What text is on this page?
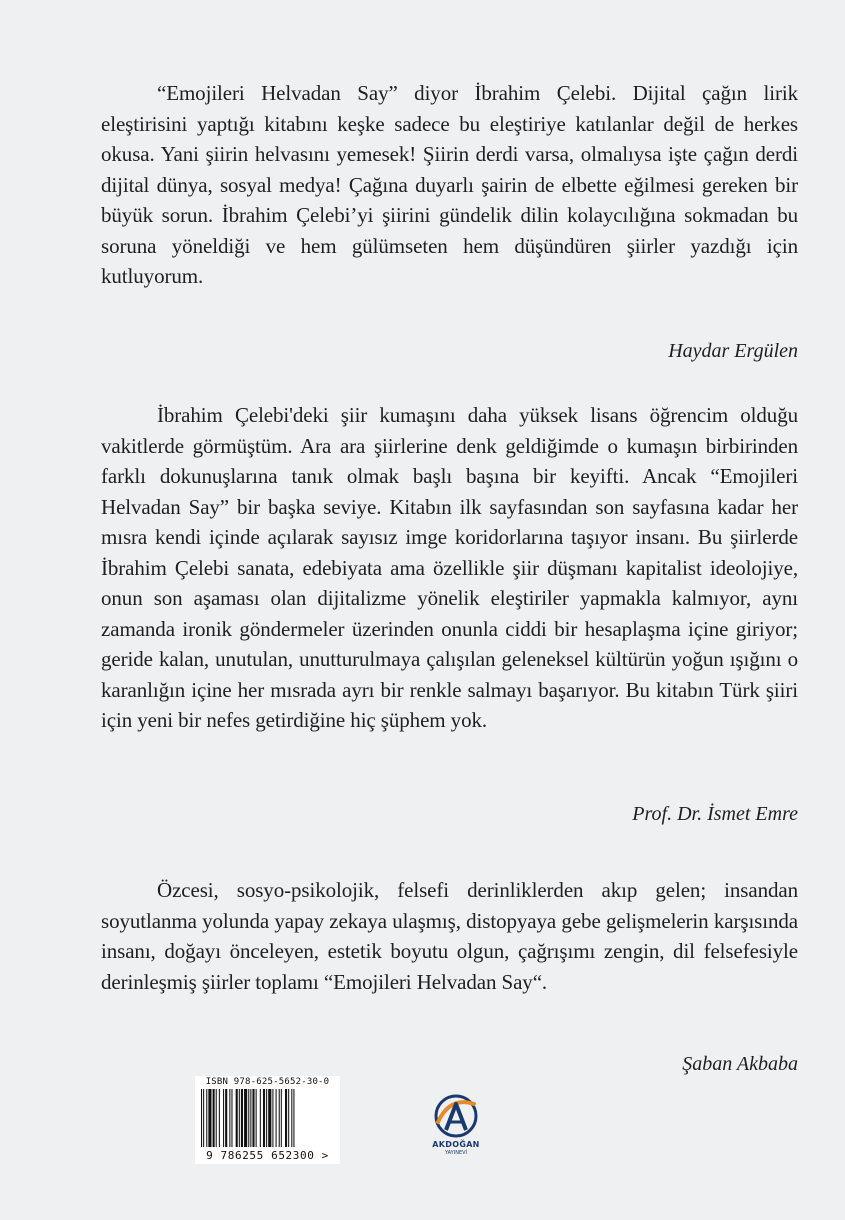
“Emojileri Helvadan Say” diyor İbrahim Çelebi. Dijital çağın lirik eleştirisini yaptığı kitabını keşke sadece bu eleştiriye katılanlar değil de herkes okusa. Yani şiirin helvasını yemesek! Şiirin derdi varsa, olmalıysa işte çağın derdi dijital dünya, sosyal medya! Çağına duyarlı şairin de elbette eğilmesi gereken bir büyük sorun. İbrahim Çelebi’yi şiirini gündelik dilin kolaycılığına sokmadan bu soruna yöneldiği ve hem gülümseten hem düşündüren şiirler yazdığı için kutluyorum.

Haydar Ergülen

İbrahim Çelebi'deki şiir kumaşını daha yüksek lisans öğrencim olduğu vakitlerde görmüştüm. Ara ara şiirlerine denk geldiğimde o kumaşın birbirinden farklı dokunuşlarına tanık olmak başlı başına bir keyifti. Ancak “Emojileri Helvadan Say” bir başka seviye. Kitabın ilk sayfasından son sayfasına kadar her mısra kendi içinde açılarak sayısız imge koridorlarına taşıyor insanı. Bu şiirlerde İbrahim Çelebi sanata, edebiyata ama özellikle şiir düşmanı kapitalist ideolojiye, onun son aşaması olan dijitalizme yönelik eleştiriler yapmakla kalmıyor, aynı zamanda ironik göndermeler üzerinden onunla ciddi bir hesaplaşma içine giriyor; geride kalan, unutulan, unutturulmaya çalışılan geleneksel kültürün yoğun ışığını o karanlığın içine her mısrada ayrı bir renkle salmayı başarıyor. Bu kitabın Türk şiiri için yeni bir nefes getirdiğine hiç şüphem yok.

Prof. Dr. İsmet Emre

Özcesi, sosyo-psikolojik, felsefi derinliklerden akıp gelen; insandan soyutlanma yolunda yapay zekaya ulaşmış, distopyaya gebe gelişmelerin karşısında insanı, doğayı önceleyen, estetik boyutu olgun, çağrışımı zengin, dil felsefesiyle derinleşmiş şiirler toplamı “Emojileri Helvadan Say“.

Şaban Akbaba
ISBN 978-625-5652-30-0
9 786255 652300 >
AKDOĞAN
YAYINEVİ
